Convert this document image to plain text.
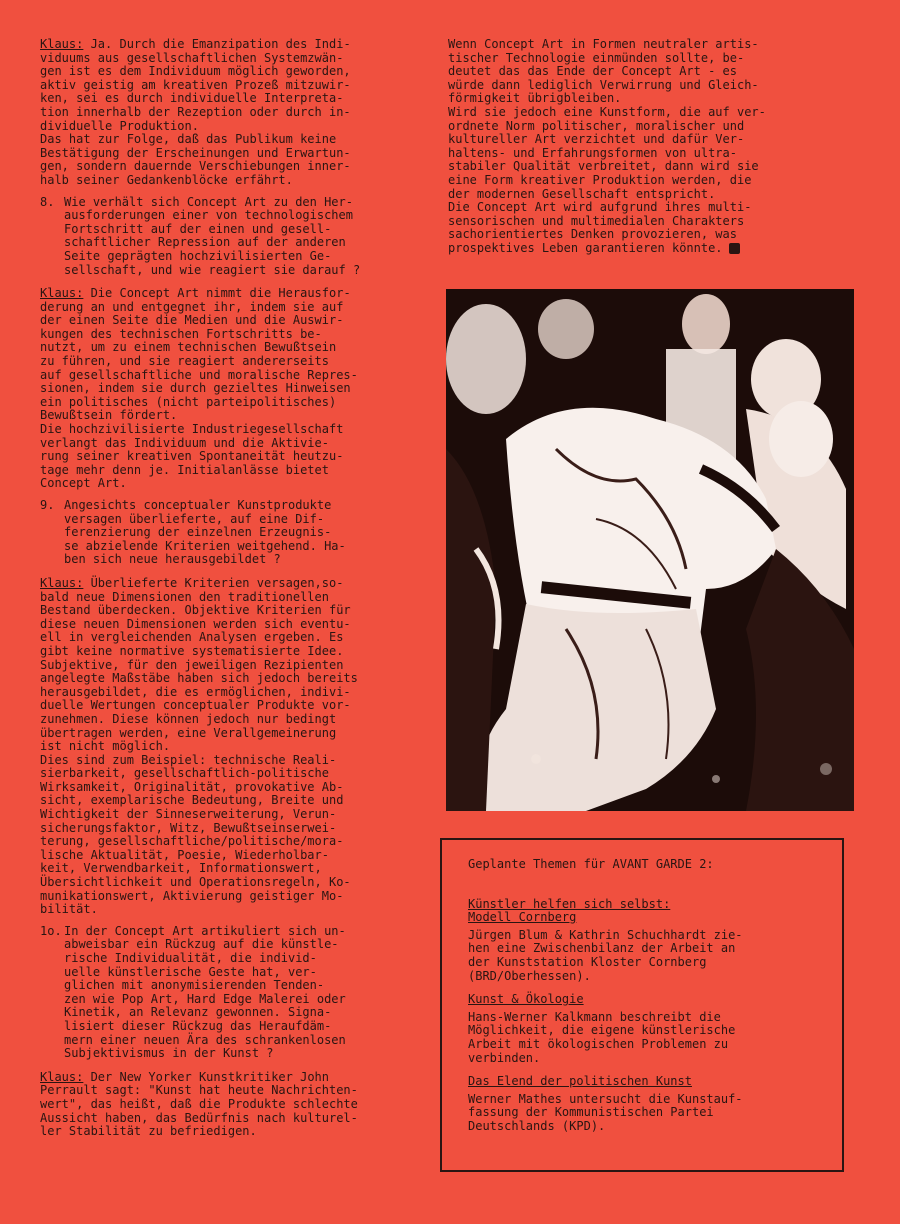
Klaus: Ja. Durch die Emanzipation des Indi-
viduums aus gesellschaftlichen Systemzwän-
gen ist es dem Individuum möglich geworden,
aktiv geistig am kreativen Prozeß mitzuwir-
ken, sei es durch individuelle Interpreta-
tion innerhalb der Rezeption oder durch in-
dividuelle Produktion.
Das hat zur Folge, daß das Publikum keine
Bestätigung der Erscheinungen und Erwartun-
gen, sondern dauernde Verschiebungen inner-
halb seiner Gedankenblöcke erfährt.

8. Wie verhält sich Concept Art zu den Her-
ausforderungen einer von technologischem
Fortschritt auf der einen und gesell-
schaftlicher Repression auf der anderen
Seite geprägten hochzivilisierten Ge-
sellschaft, und wie reagiert sie darauf ?

Klaus: Die Concept Art nimmt die Herausfor-
derung an und entgegnet ihr, indem sie auf
der einen Seite die Medien und die Auswir-
kungen des technischen Fortschritts be-
nutzt, um zu einem technischen Bewußtsein
zu führen, und sie reagiert andererseits
auf gesellschaftliche und moralische Repres-
sionen, indem sie durch gezieltes Hinweisen
ein politisches (nicht parteipolitisches)
Bewußtsein fördert.
Die hochzivilisierte Industriegesellschaft
verlangt das Individuum und die Aktivie-
rung seiner kreativen Spontaneität heutzu-
tage mehr denn je. Initialanlässe bietet
Concept Art.

9. Angesichts conceptualer Kunstprodukte
versagen überlieferte, auf eine Dif-
ferenzierung der einzelnen Erzeugnis-
se abzielende Kriterien weitgehend. Ha-
ben sich neue herausgebildet ?

Klaus: Überlieferte Kriterien versagen,so-
bald neue Dimensionen den traditionellen
Bestand überdecken. Objektive Kriterien für
diese neuen Dimensionen werden sich eventu-
ell in vergleichenden Analysen ergeben. Es
gibt keine normative systematisierte Idee.
Subjektive, für den jeweiligen Rezipienten
angelegte Maßstäbe haben sich jedoch bereits
herausgebildet, die es ermöglichen, indivi-
duelle Wertungen conceptualer Produkte vor-
zunehmen. Diese können jedoch nur bedingt
übertragen werden, eine Verallgemeinerung
ist nicht möglich.
Dies sind zum Beispiel: technische Reali-
sierbarkeit, gesellschaftlich-politische
Wirksamkeit, Originalität, provokative Ab-
sicht, exemplarische Bedeutung, Breite und
Wichtigkeit der Sinneserweiterung, Verun-
sicherungsfaktor, Witz, Bewußtseinserwei-
terung, gesellschaftliche/politische/mora-
lische Aktualität, Poesie, Wiederholbar-
keit, Verwendbarkeit, Informationswert,
Übersichtlichkeit und Operationsregeln, Ko-
munikationswert, Aktivierung geistiger Mo-
bilität.

1o. In der Concept Art artikuliert sich un-
abweisbar ein Rückzug auf die künstle-
rische Individualität, die individ-
uelle künstlerische Geste hat, ver-
glichen mit anonymisierenden Tenden-
zen wie Pop Art, Hard Edge Malerei oder
Kinetik, an Relevanz gewonnen. Signa-
lisiert dieser Rückzug das Heraufdäm-
mern einer neuen Ära des schrankenlosen
Subjektivismus in der Kunst ?

Klaus: Der New Yorker Kunstkritiker John
Perrault sagt: "Kunst hat heute Nachrichten-
wert", das heißt, daß die Produkte schlechte
Aussicht haben, das Bedürfnis nach kulturel-
ler Stabilität zu befriedigen.

Wenn Concept Art in Formen neutraler artis-
tischer Technologie einmünden sollte, be-
deutet das das Ende der Concept Art - es
würde dann lediglich Verwirrung und Gleich-
förmigkeit übrigbleiben.
Wird sie jedoch eine Kunstform, die auf ver-
ordnete Norm politischer, moralischer und
kultureller Art verzichtet und dafür Ver-
haltens- und Erfahrungsformen von ultra-
stabiler Qualität verbreitet, dann wird sie
eine Form kreativer Produktion werden, die
der modernen Gesellschaft entspricht.
Die Concept Art wird aufgrund ihres multi-
sensorischen und multimedialen Charakters
sachorientiertes Denken provozieren, was
prospektives Leben garantieren könnte.

Geplante Themen für AVANT GARDE 2:
Künstler helfen sich selbst:
Modell Cornberg
Jürgen Blum & Kathrin Schuchhardt zie-
hen eine Zwischenbilanz der Arbeit an
der Kunststation Kloster Cornberg
(BRD/Oberhessen).
Kunst & Ökologie
Hans-Werner Kalkmann beschreibt die
Möglichkeit, die eigene künstlerische
Arbeit mit ökologischen Problemen zu
verbinden.
Das Elend der politischen Kunst
Werner Mathes untersucht die Kunstauf-
fassung der Kommunistischen Partei
Deutschlands (KPD).
